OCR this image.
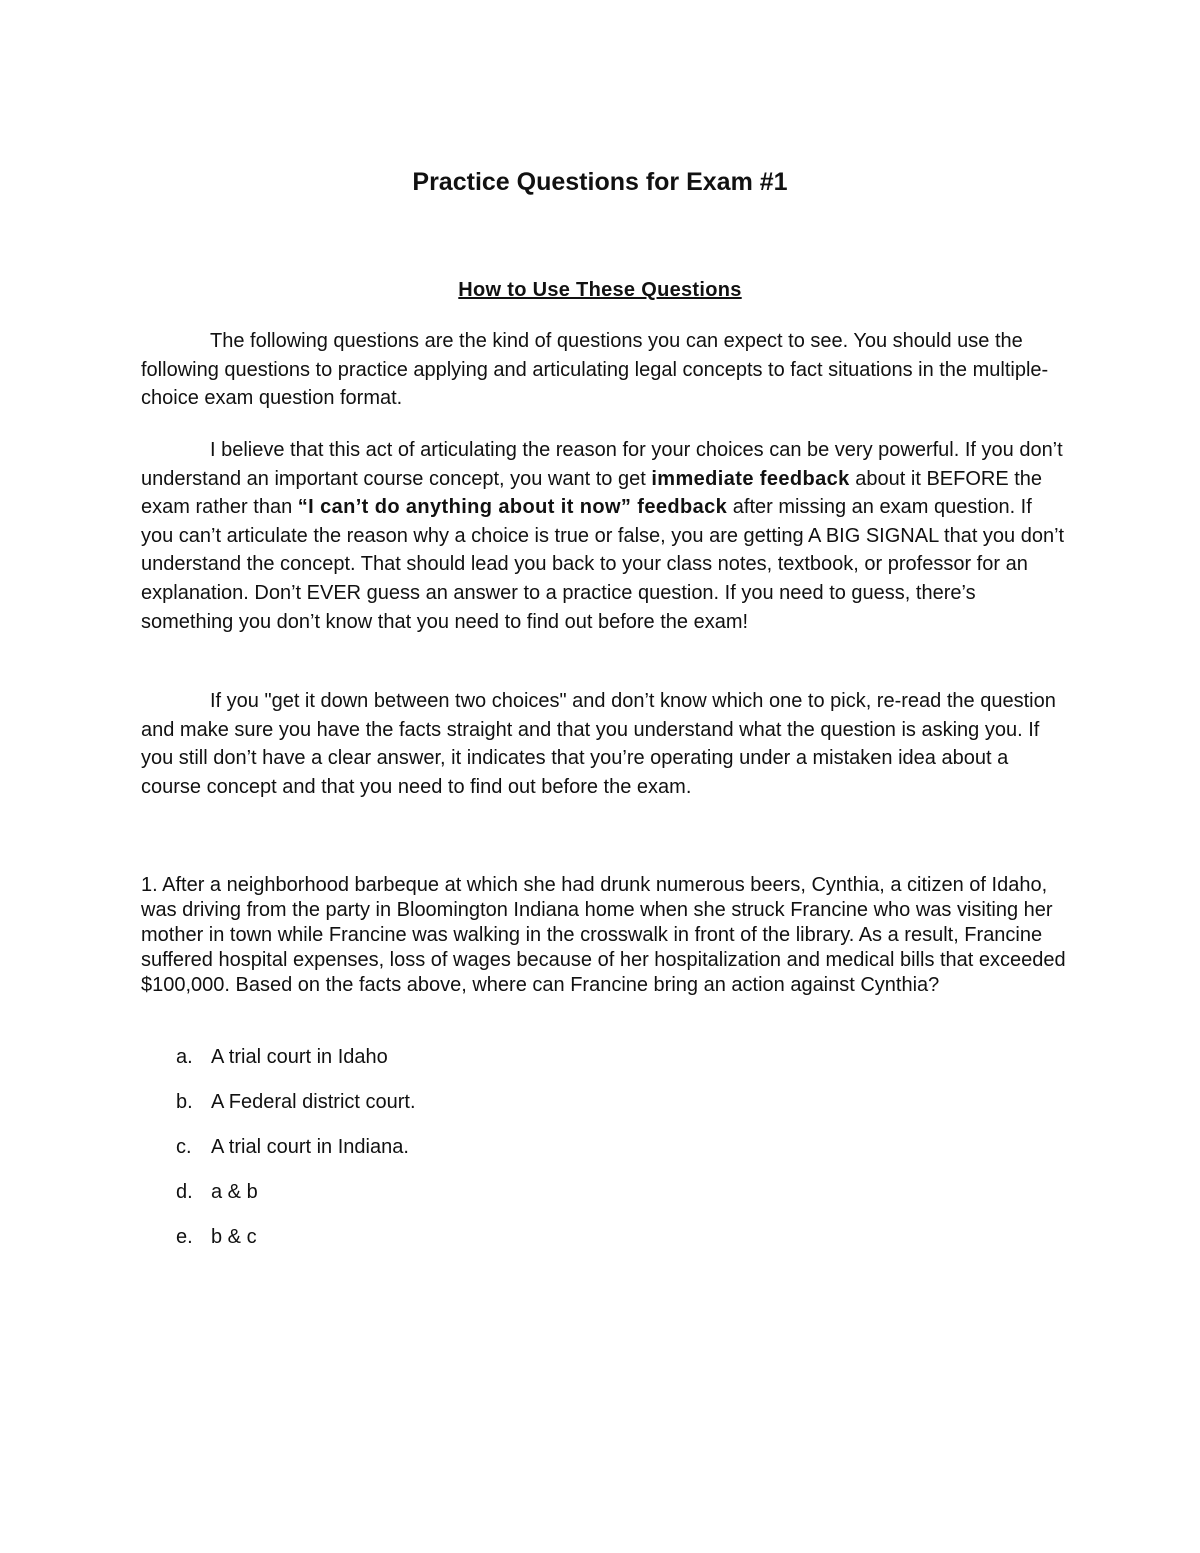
Practice Questions for Exam #1

How to Use These Questions

The following questions are the kind of questions you can expect to see. You should use the following questions to practice applying and articulating legal concepts to fact situations in the multiple-choice exam question format.

I believe that this act of articulating the reason for your choices can be very powerful. If you don’t understand an important course concept, you want to get immediate feedback about it BEFORE the exam rather than “I can’t do anything about it now” feedback after missing an exam question. If you can’t articulate the reason why a choice is true or false, you are getting A BIG SIGNAL that you don’t understand the concept. That should lead you back to your class notes, textbook, or professor for an explanation. Don’t EVER guess an answer to a practice question. If you need to guess, there’s something you don’t know that you need to find out before the exam!

If you "get it down between two choices" and don’t know which one to pick, re-read the question and make sure you have the facts straight and that you understand what the question is asking you. If you still don’t have a clear answer, it indicates that you’re operating under a mistaken idea about a course concept and that you need to find out before the exam.

1. After a neighborhood barbeque at which she had drunk numerous beers, Cynthia, a citizen of Idaho, was driving from the party in Bloomington Indiana home when she struck Francine who was visiting her mother in town while Francine was walking in the crosswalk in front of the library. As a result, Francine suffered hospital expenses, loss of wages because of her hospitalization and medical bills that exceeded $100,000. Based on the facts above, where can Francine bring an action against Cynthia?

a. A trial court in Idaho
b. A Federal district court.
c. A trial court in Indiana.
d. a & b
e. b & c
